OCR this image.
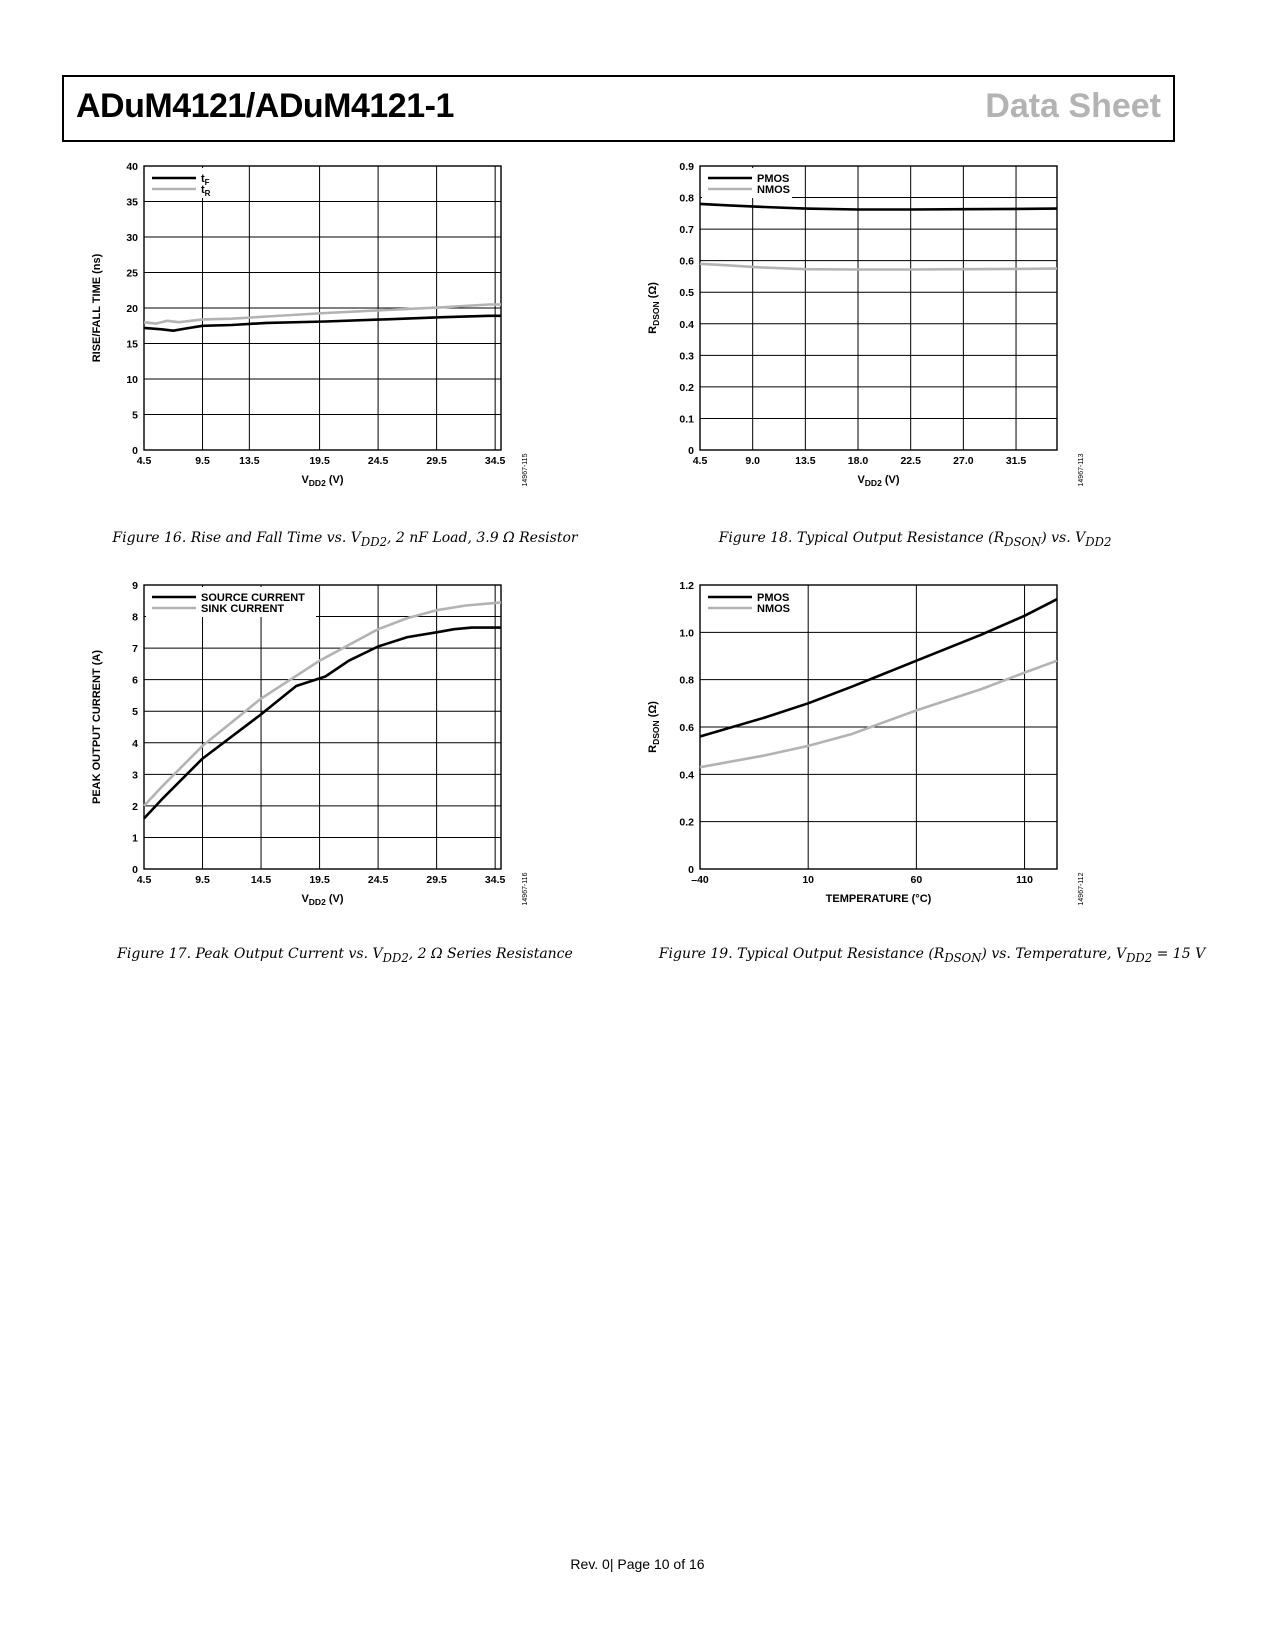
ADuM4121/ADuM4121-1	Data Sheet
4.5	9.5	13.5	19.5	24.5	29.5	34.5
0
5
10
15
20
25
30
35
40
$t_F$
$t_R$
$V_{DD2}$ (V)
RISE/FALL TIME (ns)
14967-115
Figure 16. Rise and Fall Time vs. $V_{DD2}$, 2 nF Load, 3.9 Ω Resistor
4.5	9.0	13.5	18.0	22.5	27.0	31.5
0
0.1
0.2
0.3
0.4
0.5
0.6
0.7
0.8
0.9
PMOS
NMOS
$V_{DD2}$ (V)
$R_{DSON}$ (Ω)
14967-113
Figure 18. Typical Output Resistance $(R_{DSON})$ vs. $V_{DD2}$
4.5	9.5	14.5	19.5	24.5	29.5	34.5
0
1
2
3
4
5
6
7
8
9
SOURCE CURRENT
SINK CURRENT
$V_{DD2}$ (V)
PEAK OUTPUT CURRENT (A)
14967-116
Figure 17. Peak Output Current vs. $V_{DD2}$, 2 Ω Series Resistance
–40	10	60	110
0
0.2
0.4
0.6
0.8
1.0
1.2
PMOS
NMOS
TEMPERATURE (°C)
$R_{DSON}$ (Ω)
14967-112
Figure 19. Typical Output Resistance $(R_{DSON})$ vs. Temperature, $V_{DD2} = 15$ V
Rev. 0| Page 10 of 16
